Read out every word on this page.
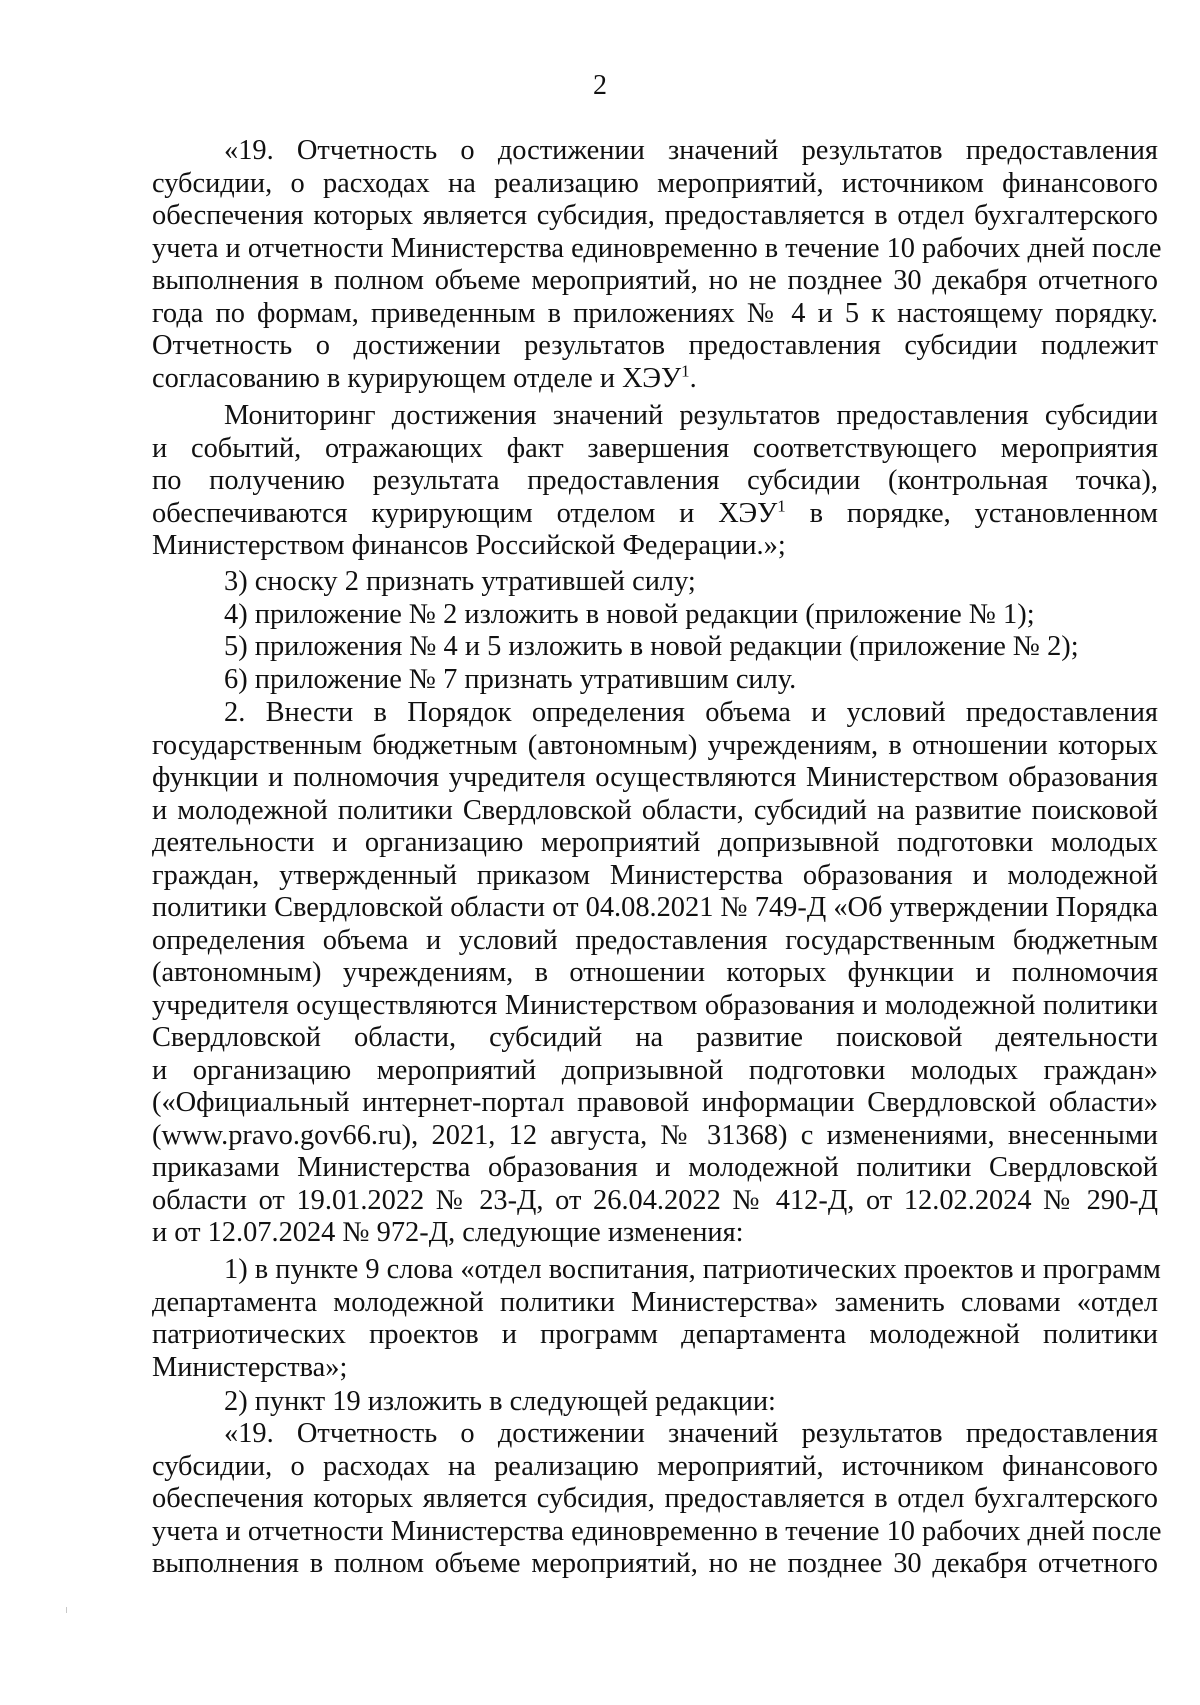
2
«19. Отчетность о достижении значений результатов предоставления
субсидии, о расходах на реализацию мероприятий, источником финансового
обеспечения которых является субсидия, предоставляется в отдел бухгалтерского
учета и отчетности Министерства единовременно в течение 10 рабочих дней после
выполнения в полном объеме мероприятий, но не позднее 30 декабря отчетного
года по формам, приведенным в приложениях № 4 и 5 к настоящему порядку.
Отчетность о достижении результатов предоставления субсидии подлежит
согласованию в курирующем отделе и ХЭУ$^1$.
Мониторинг достижения значений результатов предоставления субсидии
и событий, отражающих факт завершения соответствующего мероприятия
по получению результата предоставления субсидии (контрольная точка),
обеспечиваются курирующим отделом и ХЭУ$^1$ в порядке, установленном
Министерством финансов Российской Федерации.»;
3) сноску 2 признать утратившей силу;
4) приложение № 2 изложить в новой редакции (приложение № 1);
5) приложения № 4 и 5 изложить в новой редакции (приложение № 2);
6) приложение № 7 признать утратившим силу.
2. Внести в Порядок определения объема и условий предоставления
государственным бюджетным (автономным) учреждениям, в отношении которых
функции и полномочия учредителя осуществляются Министерством образования
и молодежной политики Свердловской области, субсидий на развитие поисковой
деятельности и организацию мероприятий допризывной подготовки молодых
граждан, утвержденный приказом Министерства образования и молодежной
политики Свердловской области от 04.08.2021 № 749-Д «Об утверждении Порядка
определения объема и условий предоставления государственным бюджетным
(автономным) учреждениям, в отношении которых функции и полномочия
учредителя осуществляются Министерством образования и молодежной политики
Свердловской области, субсидий на развитие поисковой деятельности
и организацию мероприятий допризывной подготовки молодых граждан»
(«Официальный интернет-портал правовой информации Свердловской области»
(www.pravo.gov66.ru), 2021, 12 августа, № 31368) с изменениями, внесенными
приказами Министерства образования и молодежной политики Свердловской
области от 19.01.2022 № 23-Д, от 26.04.2022 № 412-Д, от 12.02.2024 № 290-Д
и от 12.07.2024 № 972-Д, следующие изменения:
1) в пункте 9 слова «отдел воспитания, патриотических проектов и программ
департамента молодежной политики Министерства» заменить словами «отдел
патриотических проектов и программ департамента молодежной политики
Министерства»;
2) пункт 19 изложить в следующей редакции:
«19. Отчетность о достижении значений результатов предоставления
субсидии, о расходах на реализацию мероприятий, источником финансового
обеспечения которых является субсидия, предоставляется в отдел бухгалтерского
учета и отчетности Министерства единовременно в течение 10 рабочих дней после
выполнения в полном объеме мероприятий, но не позднее 30 декабря отчетного
